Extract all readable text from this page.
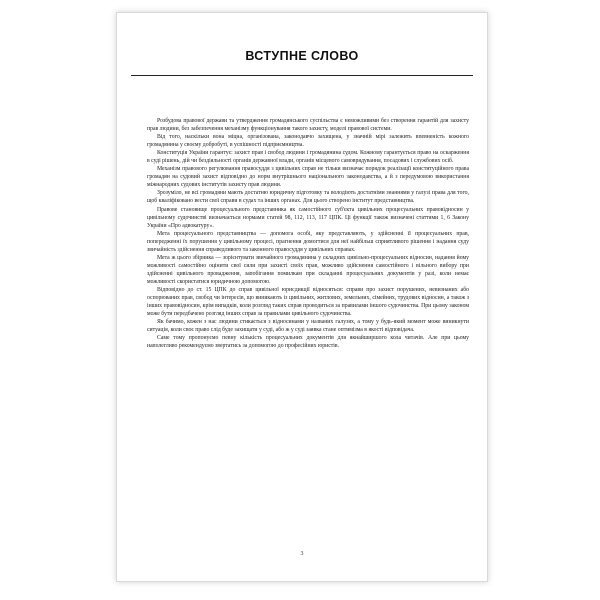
ВСТУПНЕ СЛОВО

Розбудова правової держави та утвердження громадянського суспільства є неможливими без створення гарантій для захисту прав людини, без забезпечення механізму функціонування такого захисту, моделі правової системи.

Від того, наскільки вона міцна, організована, законодавчо захищена, у значній мірі залежить впевненість кожного громадянина у своєму добробуті, в успішності підприємництва.

Конституція України гарантує: захист прав і свобод людини і громадянина судом. Кожному гарантується право на оскарження в суді рішень, дій чи бездіяльності органів державної влади, органів місцевого самоврядування, посадових і службових осіб.

Механізм правового регулювання правосуддя з цивільних справ не тільки визначає порядок реалізації конституційного права громадян на судовий захист відповідно до норм внутрішнього національного законодавства, а й з передумовою використання міжнародних судових інститутів захисту прав людини.

Зрозуміло, не всі громадяни мають достатню юридичну підготовку та володіють достатніми знаннями у галузі права для того, щоб кваліфіковано вести свої справи в судах та інших органах. Для цього створено інститут представництва.

Правове становище процесуального представника як самостійного суб'єкта цивільних процесуальних правовідносин у цивільному судочинстві визначається нормами статей 98, 112, 113, 117 ЦПК. Ці функції також визначені статтями 1, 6 Закону України «Про адвокатуру».

Мета процесуального представництва — допомога особі, яку представляють, у здійсненні її процесуальних прав, попередженні їх порушення у цивільному процесі, прагнення домогтися для неї найбільш сприятливого рішення і надання суду звичайність здійснення справедливого та законного правосуддя у цивільних справах.

Мета ж цього збірника — зорієнтувати звичайного громадянина у складних цивільно-процесуальних відносин, надання йому можливості самостійно оцінити свої сили при захисті своїх прав, можливо здійснення самостійного і вільного вибору при здійсненні цивільного провадження, запобігання помилкам при складанні процесуальних документів у разі, коли немає можливості скористатися юридичною допомогою.

Відповідно до ст. 15 ЦПК до справ цивільної юрисдикції відносяться: справи про захист порушених, невизнаних або оспорюваних прав, свобод чи інтересів, що виникають із цивільних, житлових, земельних, сімейних, трудових відносин, а також з інших правовідносин, крім випадків, коли розгляд таких справ проводиться за правилами іншого судочинства. При цьому законом може бути передбачено розгляд інших справ за правилами цивільного судочинства.

Як бачимо, кожен з нас людини стикається з відносинами у названих галузях, а тому у будь-який момент може виникнути ситуація, коли своє право слід буде захищати у суді, або ж у суді заявка стане оптимізма в якості відповідача.

Саме тому пропонуємо певну кількість процесуальних документів для якнайширшого кола читачів. Але при цьому наполегливо рекомендуємо звертатись за допомогою до професійних юристів.

3
